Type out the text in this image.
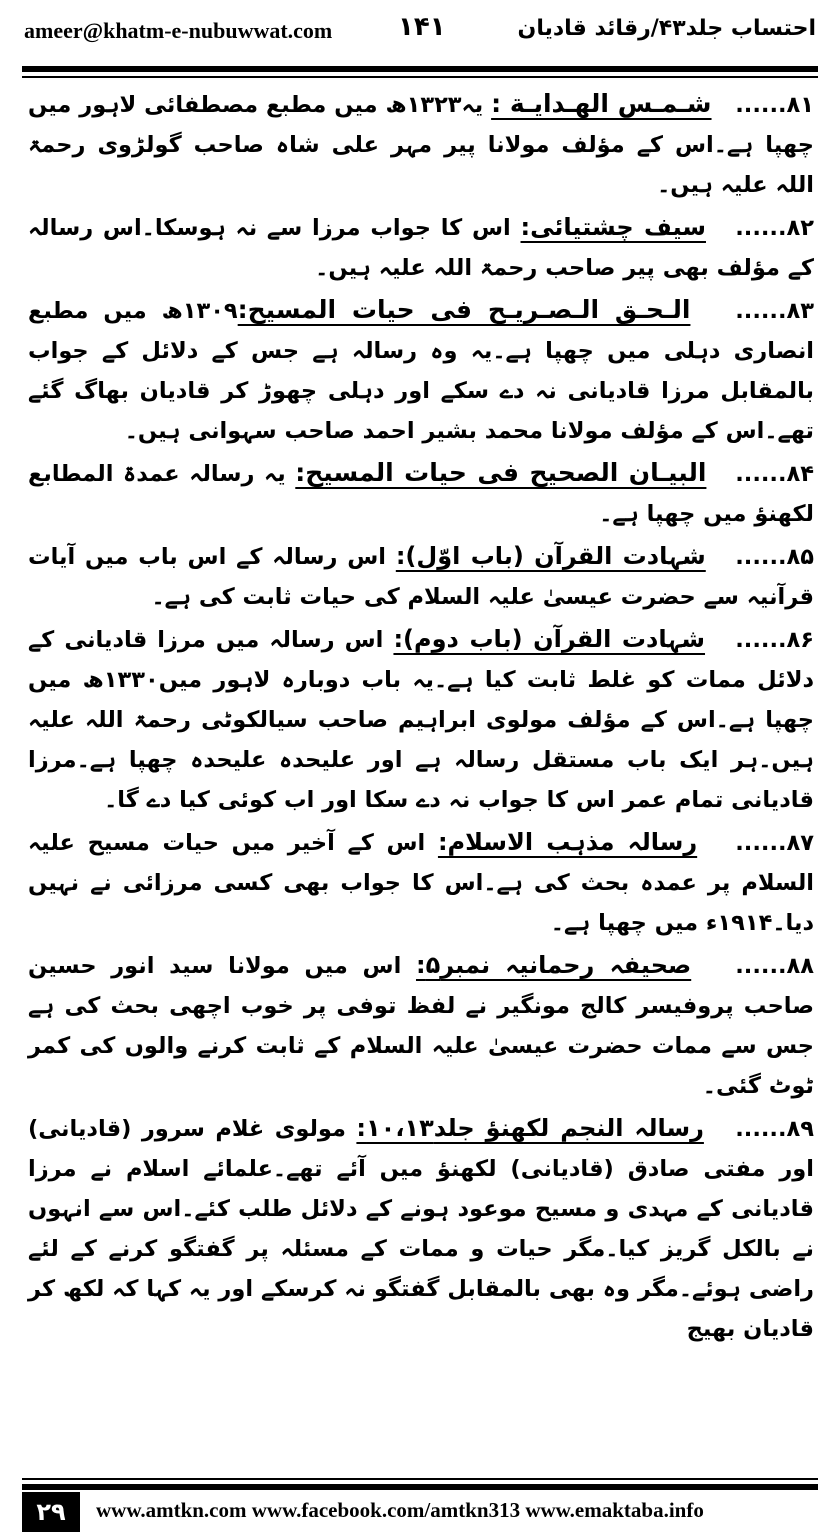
ameer@khatm-e-nubuwwat.com	۱۴۱	احتساب جلد۴۳/رقائد قادیان

۸۱......   شـمـس الهـدايـة : یہ۱۳۲۳ھ میں مطبع مصطفائی لاہور میں چھپا ہے۔اس کے مؤلف مولانا پیر مہر علی شاہ صاحب گولڑوی رحمۃ اللہ علیہ ہیں۔

۸۲......   سیف چشتیائی: اس کا جواب مرزا سے نہ ہوسکا۔اس رسالہ کے مؤلف بھی پیر صاحب رحمۃ اللہ علیہ ہیں۔

۸۳......   الـحـق الـصـريـح فى حيات المسيح:۱۳۰۹ھ میں مطبع انصاری دہلی میں چھپا ہے۔یہ وہ رسالہ ہے جس کے دلائل کے جواب بالمقابل مرزا قادیانی نہ دے سکے اور دہلی چھوڑ کر قادیان بھاگ گئے تھے۔اس کے مؤلف مولانا محمد بشیر احمد صاحب سہوانی ہیں۔

۸۴......   البيـان الصحيح فى حيات المسيح: یہ رسالہ عمدۃ المطابع لکھنؤ میں چھپا ہے۔

۸۵......   شہادت القرآن (باب اوّل): اس رسالہ کے اس باب میں آیات قرآنیہ سے حضرت عیسیٰ علیہ السلام کی حیات ثابت کی ہے۔

۸۶......   شہادت القرآن (باب دوم): اس رسالہ میں مرزا قادیانی کے دلائل ممات کو غلط ثابت کیا ہے۔یہ باب دوبارہ لاہور میں۱۳۳۰ھ میں چھپا ہے۔اس کے مؤلف مولوی ابراہیم صاحب سیالکوٹی رحمۃ اللہ علیہ ہیں۔ہر ایک باب مستقل رسالہ ہے اور علیحدہ علیحدہ چھپا ہے۔مرزا قادیانی تمام عمر اس کا جواب نہ دے سکا اور اب کوئی کیا دے گا۔

۸۷......   رسالہ مذہب الاسلام: اس کے آخیر میں حیات مسیح علیہ السلام پر عمدہ بحث کی ہے۔اس کا جواب بھی کسی مرزائی نے نہیں دیا۔۱۹۱۴ء میں چھپا ہے۔

۸۸......   صحیفہ رحمانیہ نمبر۵: اس میں مولانا سید انور حسین صاحب پروفیسر کالج مونگیر نے لفظ توفی پر خوب اچھی بحث کی ہے جس سے ممات حضرت عیسیٰ علیہ السلام کے ثابت کرنے والوں کی کمر ٹوٹ گئی۔

۸۹......   رسالہ النجم لکھنؤ جلد۱۰،۱۳: مولوی غلام سرور (قادیانی) اور مفتی صادق (قادیانی) لکھنؤ میں آئے تھے۔علمائے اسلام نے مرزا قادیانی کے مہدی و مسیح موعود ہونے کے دلائل طلب کئے۔اس سے انہوں نے بالکل گریز کیا۔مگر حیات و ممات کے مسئلہ پر گفتگو کرنے کے لئے راضی ہوئے۔مگر وہ بھی بالمقابل گفتگو نہ کرسکے اور یہ کہا کہ لکھ کر قادیان بھیج

۲۹	www.amtkn.com www.facebook.com/amtkn313 www.emaktaba.info
